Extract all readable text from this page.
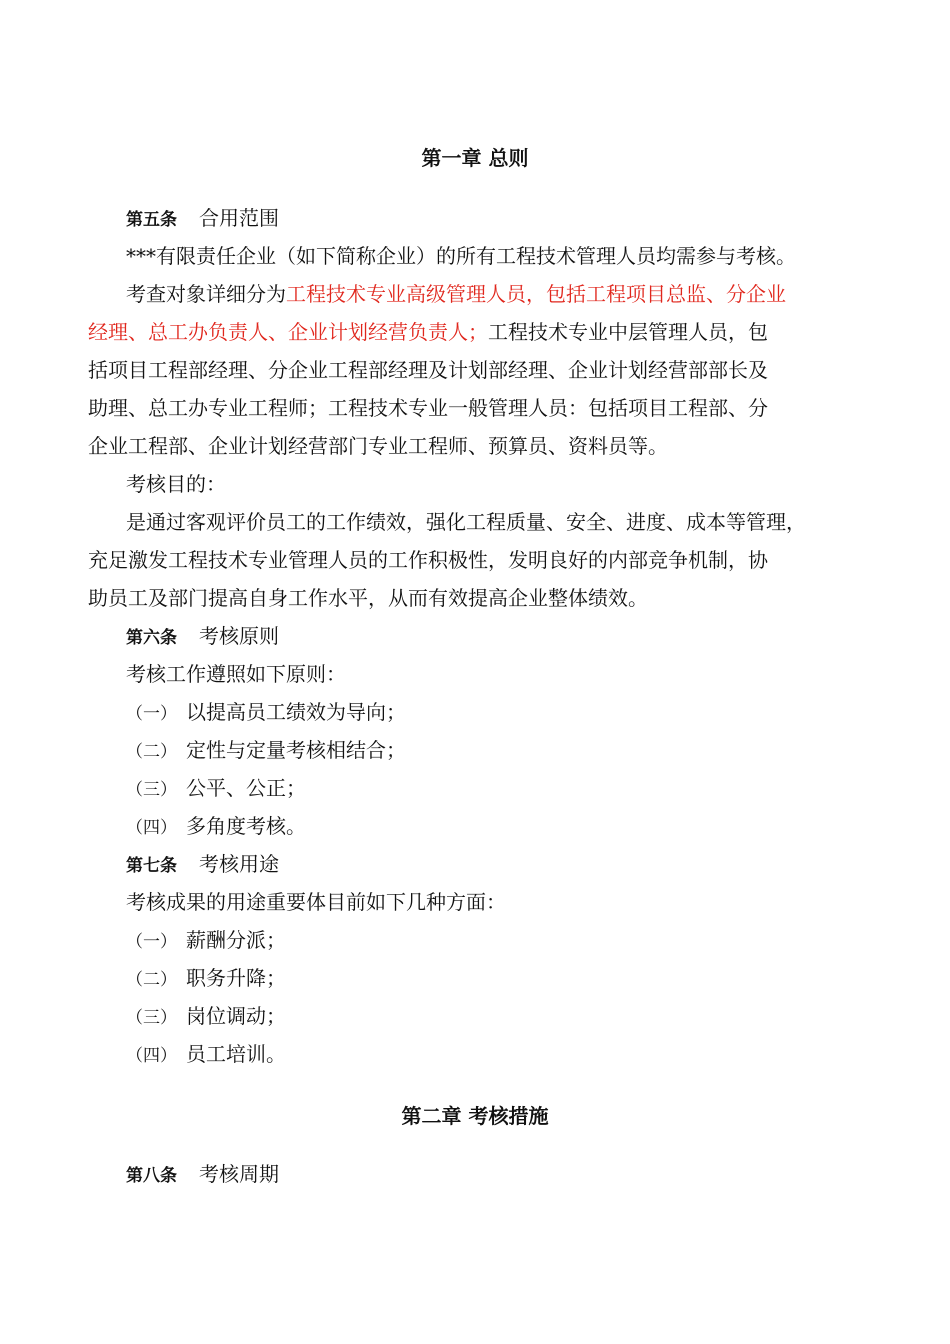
第一章 总则
第五条 合用范围
***有限责任企业（如下简称企业）的所有工程技术管理人员均需参与考核。
考查对象详细分为工程技术专业高级管理人员，包括工程项目总监、分企业
经理、总工办负责人、企业计划经营负责人；工程技术专业中层管理人员，包
括项目工程部经理、分企业工程部经理及计划部经理、企业计划经营部部长及
助理、总工办专业工程师；工程技术专业一般管理人员：包括项目工程部、分
企业工程部、企业计划经营部门专业工程师、预算员、资料员等。
考核目的：
是通过客观评价员工的工作绩效，强化工程质量、安全、进度、成本等管理，
充足激发工程技术专业管理人员的工作积极性，发明良好的内部竞争机制，协
助员工及部门提高自身工作水平，从而有效提高企业整体绩效。
第六条 考核原则
考核工作遵照如下原则：
（一） 以提高员工绩效为导向；
（二） 定性与定量考核相结合；
（三） 公平、公正；
（四） 多角度考核。
第七条 考核用途
考核成果的用途重要体目前如下几种方面：
（一） 薪酬分派；
（二） 职务升降；
（三） 岗位调动；
（四） 员工培训。
第二章 考核措施
第八条 考核周期
